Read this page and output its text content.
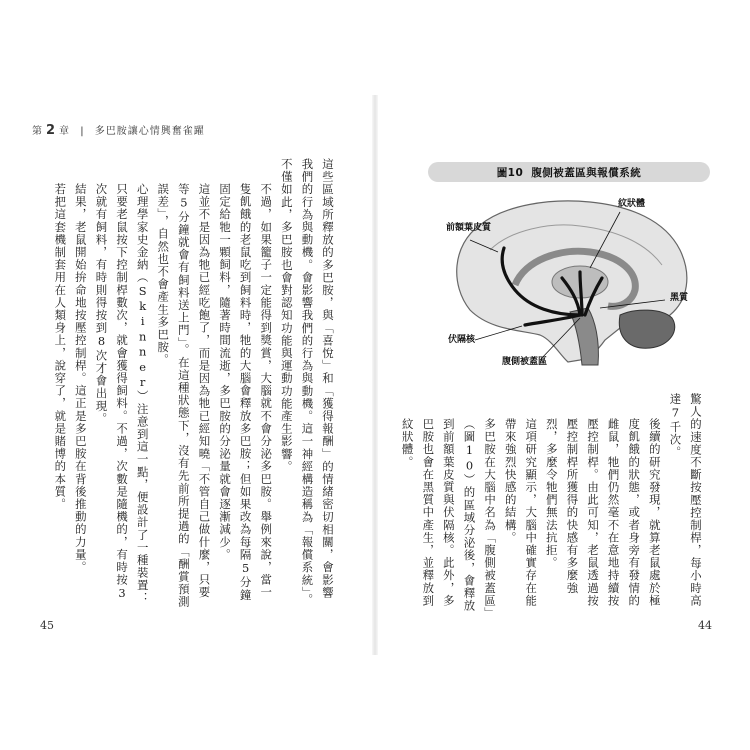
第 2 章 | 多巴胺讓心情興奮雀躍

這些區域所釋放的多巴胺，與「喜悅」和「獲得報酬」的情緒密切相關，會影響我們的行為與動機。會影響我們的行為與動機。這一神經構造稱為「報償系統」。不僅如此，多巴胺也會對認知功能與運動功能產生影響。

不過，如果籠子一定能得到獎賞，大腦就不會分泌多巴胺。舉例來說，當一隻飢餓的老鼠吃到飼料時，牠的大腦會釋放多巴胺；但如果改為每隔5分鐘固定給牠一顆飼料，隨著時間流逝，多巴胺的分泌量就會逐漸減少。

這並不是因為牠已經吃飽了，而是因為牠已經知曉「不管自己做什麼，只要等5分鐘就會有飼料送上門」。在這種狀態下，沒有先前所提過的「酬賞預測誤差」，自然也不會產生多巴胺。

心理學家史金納（Skinner）注意到這一點，便設計了一種裝置：只要老鼠按下控制桿數次，就會獲得飼料。不過，次數是隨機的，有時按3次就有飼料，有時則得按到8次才會出現。

結果，老鼠開始拚命地按壓控制桿。這正是多巴胺在背後推動的力量。

若把這套機制套用在人類身上，說穿了，就是賭博的本質。

圖10 腹側被蓋區與報償系統
紋狀體
前額葉皮質
黑質
伏隔核
腹側被蓋區

驚人的速度不斷按壓控制桿，每小時高達7千次。

後續的研究發現，就算老鼠處於極度飢餓的狀態，或者身旁有發情的雌鼠，牠們仍然毫不在意地持續按壓控制桿。由此可知，老鼠透過按壓控制桿所獲得的快感有多麼強烈，多麼令牠們無法抗拒。

這項研究顯示，大腦中確實存在能帶來強烈快感的結構。

多巴胺在大腦中名為「腹側被蓋區」（圖10）的區域分泌後，會釋放到前額葉皮質與伏隔核。此外，多巴胺也會在黑質中產生，並釋放到紋狀體。

45	44
